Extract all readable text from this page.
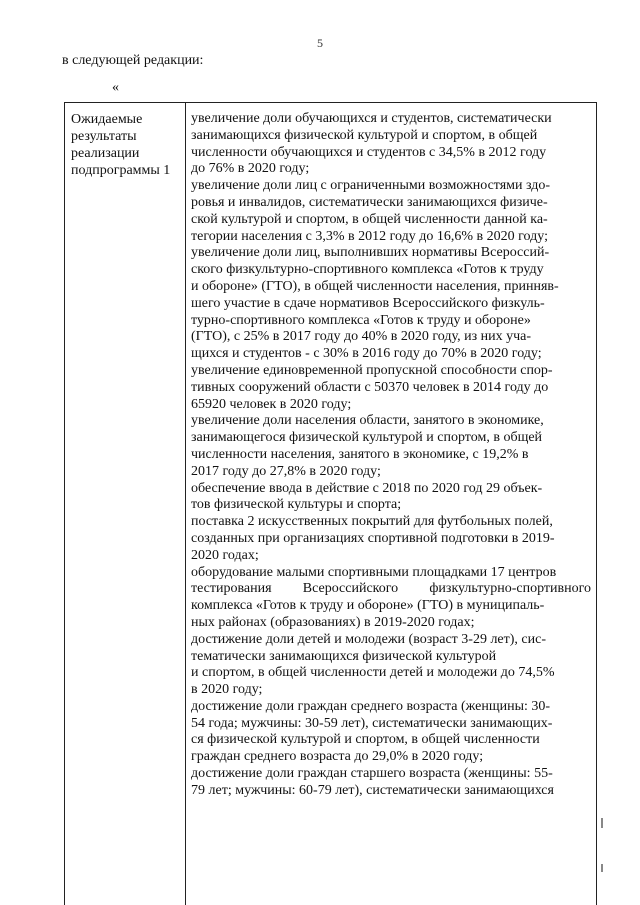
5
в следующей редакции:
«
Ожидаемые
результаты
реализации
подпрограммы 1
увеличение доли обучающихся и студентов, систематически
занимающихся физической культурой и спортом, в общей
численности обучающихся и студентов с 34,5% в 2012 году
до 76% в 2020 году;
увеличение доли лиц с ограниченными возможностями здо-
ровья и инвалидов, систематически занимающихся физиче-
ской культурой и спортом, в общей численности данной ка-
тегории населения с 3,3% в 2012 году до 16,6% в 2020 году;
увеличение доли лиц, выполнивших нормативы Всероссий-
ского физкультурно-спортивного комплекса «Готов к труду
и обороне» (ГТО), в общей численности населения, принняв-
шего участие в сдаче нормативов Всероссийского физкуль-
турно-спортивного комплекса «Готов к труду и обороне»
(ГТО), с 25% в 2017 году до 40% в 2020 году, из них уча-
щихся и студентов - с 30% в 2016 году до 70% в 2020 году;
увеличение единовременной пропускной способности спор-
тивных сооружений области с 50370 человек в 2014 году до
65920 человек в 2020 году;
увеличение доли населения области, занятого в экономике,
занимающегося физической культурой и спортом, в общей
численности населения, занятого в экономике, с 19,2% в
2017 году до 27,8% в 2020 году;
обеспечение ввода в действие с 2018 по 2020 год 29 объек-
тов физической культуры и спорта;
поставка 2 искусственных покрытий для футбольных полей,
созданных при организациях спортивной подготовки в 2019-
2020 годах;
оборудование малыми спортивными площадками 17 центров
тестирования Всероссийского физкультурно-спортивного
комплекса «Готов к труду и обороне» (ГТО) в муниципаль-
ных районах (образованиях) в 2019-2020 годах;
достижение доли детей и молодежи (возраст 3-29 лет), сис-
тематически занимающихся физической культурой
и спортом, в общей численности детей и молодежи до 74,5%
в 2020 году;
достижение доли граждан среднего возраста (женщины: 30-
54 года; мужчины: 30-59 лет), систематически занимающих-
ся физической культурой и спортом, в общей численности
граждан среднего возраста до 29,0% в 2020 году;
достижение доли граждан старшего возраста (женщины: 55-
79 лет; мужчины: 60-79 лет), систематически занимающихся
